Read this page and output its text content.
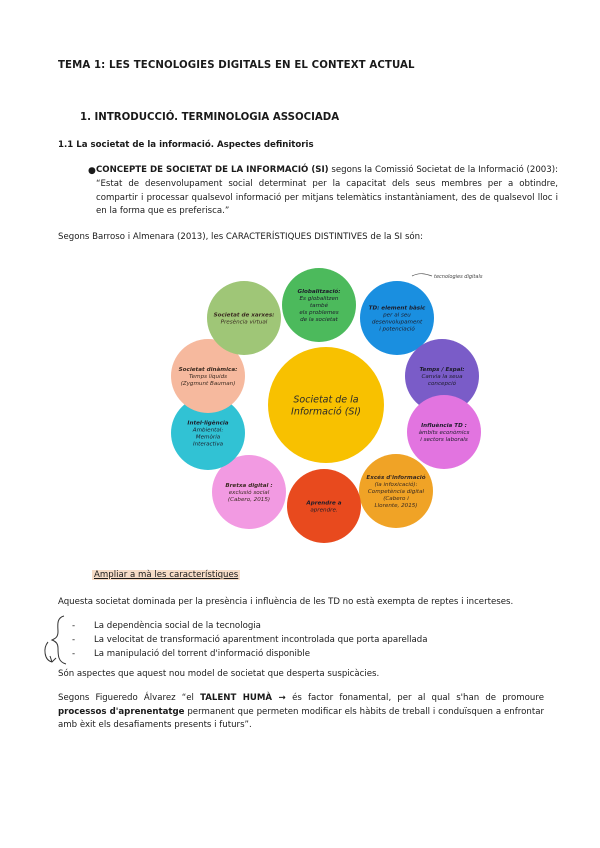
TEMA 1: LES TECNOLOGIES DIGITALS EN EL CONTEXT ACTUAL
1. INTRODUCCIÓ. TERMINOLOGIA ASSOCIADA
1.1 La societat de la informació. Aspectes definitoris
● CONCEPTE DE SOCIETAT DE LA INFORMACIÓ (SI) segons la Comissió Societat de la Informació (2003): “Estat de desenvolupament social determinat per la capacitat dels seus membres per a obtindre, compartir i processar qualsevol informació per mitjans telemàtics instantàniament, des de qualsevol lloc i en la forma que es preferisca.”
Segons Barroso i Almenara (2013), les CARACTERÍSTIQUES DISTINTIVES de la SI són:
Societat de la Informació (SI)
Globalització: Es globalitzen també els problemes de la societat
TD: element bàsic per al seu desenvolupament i potenciació
Temps / Espai: Canvia la seua concepció
Influència TD : àmbits econòmics i sectors laborals
Excés d'informació (la infoxicació): Competència digital (Cabero i Llorente, 2015)
Aprendre a aprendre.
Bretxa digital : exclusió social (Cabero, 2015)
Intel·ligència Ambiental: Memòria Interactiva
Societat dinàmica: Temps líquids (Zygmunt Bauman)
Societat de xarxes: Presència virtual
tecnologies digitals
Ampliar a mà les característiques
Aquesta societat dominada per la presència i influència de les TD no està exempta de reptes i incerteses.
- La dependència social de la tecnologia
- La velocitat de transformació aparentment incontrolada que porta aparellada
- La manipulació del torrent d'informació disponible
Són aspectes que aquest nou model de societat que desperta suspicàcies.
Segons Figueredo Álvarez “el TALENT HUMÀ → és factor fonamental, per al qual s'han de promoure processos d'aprenentatge permanent que permeten modificar els hàbits de treball i conduïsquen a enfrontar amb èxit els desafiaments presents i futurs”.
